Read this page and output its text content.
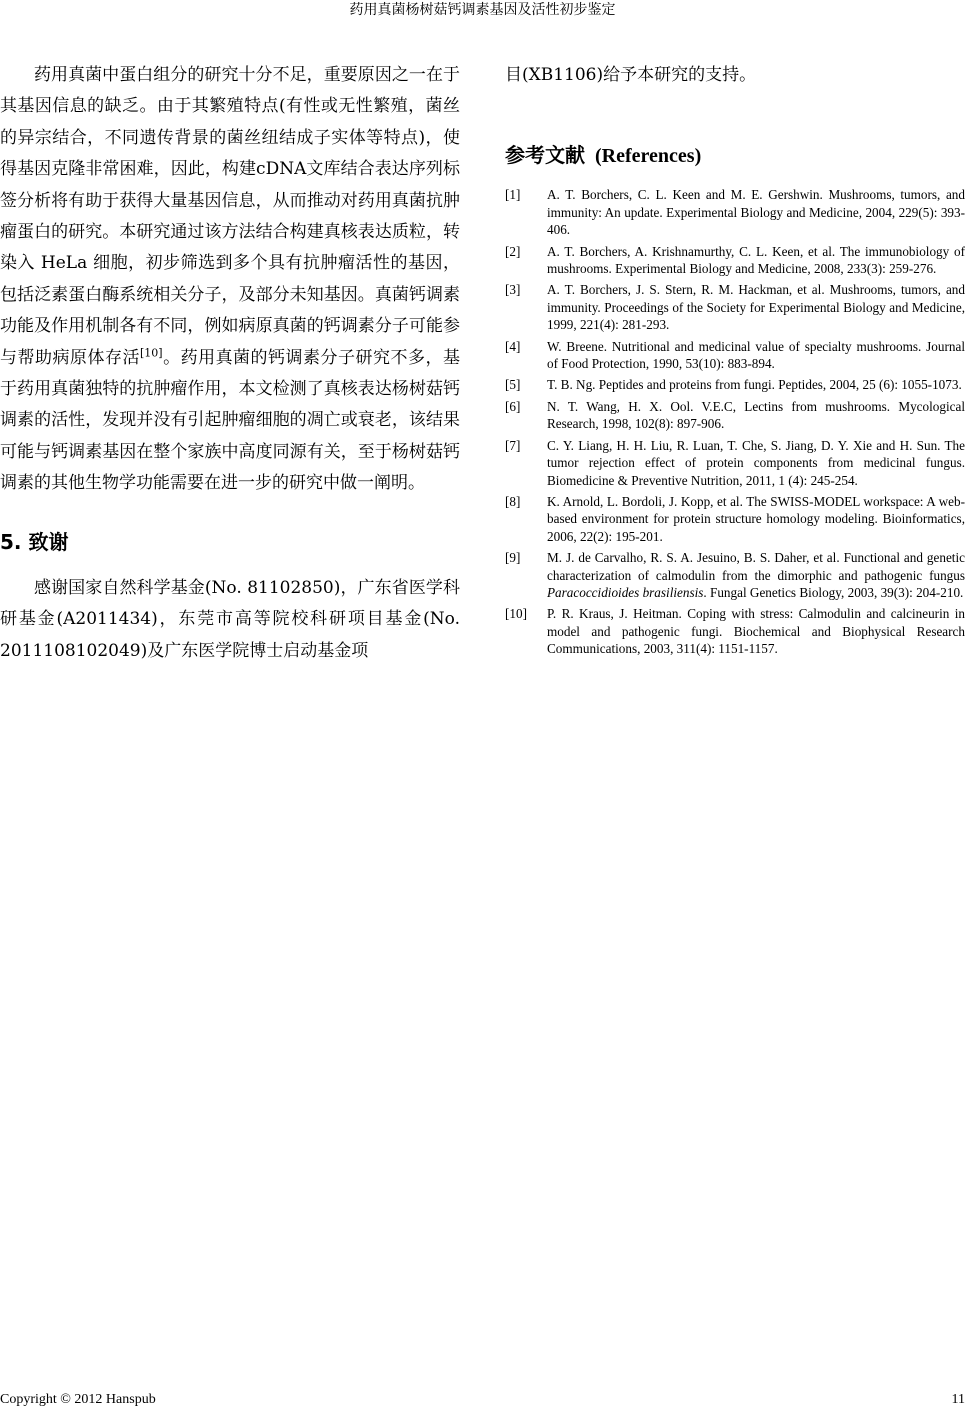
药用真菌杨树菇钙调素基因及活性初步鉴定

药用真菌中蛋白组分的研究十分不足，重要原因之一在于其基因信息的缺乏。由于其繁殖特点(有性或无性繁殖，菌丝的异宗结合，不同遗传背景的菌丝纽结成子实体等特点)，使得基因克隆非常困难，因此，构建cDNA文库结合表达序列标签分析将有助于获得大量基因信息，从而推动对药用真菌抗肿瘤蛋白的研究。本研究通过该方法结合构建真核表达质粒，转染入 HeLa 细胞，初步筛选到多个具有抗肿瘤活性的基因，包括泛素蛋白酶系统相关分子，及部分未知基因。真菌钙调素功能及作用机制各有不同，例如病原真菌的钙调素分子可能参与帮助病原体存活[10]。药用真菌的钙调素分子研究不多，基于药用真菌独特的抗肿瘤作用，本文检测了真核表达杨树菇钙调素的活性，发现并没有引起肿瘤细胞的凋亡或衰老，该结果可能与钙调素基因在整个家族中高度同源有关，至于杨树菇钙调素的其他生物学功能需要在进一步的研究中做一阐明。

5. 致谢

感谢国家自然科学基金(No. 81102850)，广东省医学科研基金(A2011434)，东莞市高等院校科研项目基金(No. 2011108102049)及广东医学院博士启动基金项

目(XB1106)给予本研究的支持。

参考文献 (References)
[1]	A. T. Borchers, C. L. Keen and M. E. Gershwin. Mushrooms, tumors, and immunity: An update. Experimental Biology and Medicine, 2004, 229(5): 393-406.
[2]	A. T. Borchers, A. Krishnamurthy, C. L. Keen, et al. The immunobiology of mushrooms. Experimental Biology and Medicine, 2008, 233(3): 259-276.
[3]	A. T. Borchers, J. S. Stern, R. M. Hackman, et al. Mushrooms, tumors, and immunity. Proceedings of the Society for Experimental Biology and Medicine, 1999, 221(4): 281-293.
[4]	W. Breene. Nutritional and medicinal value of specialty mushrooms. Journal of Food Protection, 1990, 53(10): 883-894.
[5]	T. B. Ng. Peptides and proteins from fungi. Peptides, 2004, 25 (6): 1055-1073.
[6]	N. T. Wang, H. X. Ool. V.E.C, Lectins from mushrooms. Mycological Research, 1998, 102(8): 897-906.
[7]	C. Y. Liang, H. H. Liu, R. Luan, T. Che, S. Jiang, D. Y. Xie and H. Sun. The tumor rejection effect of protein components from medicinal fungus. Biomedicine & Preventive Nutrition, 2011, 1 (4): 245-254.
[8]	K. Arnold, L. Bordoli, J. Kopp, et al. The SWISS-MODEL workspace: A web-based environment for protein structure homology modeling. Bioinformatics, 2006, 22(2): 195-201.
[9]	M. J. de Carvalho, R. S. A. Jesuino, B. S. Daher, et al. Functional and genetic characterization of calmodulin from the dimorphic and pathogenic fungus Paracoccidioides brasiliensis. Fungal Genetics Biology, 2003, 39(3): 204-210.
[10]	P. R. Kraus, J. Heitman. Coping with stress: Calmodulin and calcineurin in model and pathogenic fungi. Biochemical and Biophysical Research Communications, 2003, 311(4): 1151-1157.
Copyright © 2012 Hanspub	11
